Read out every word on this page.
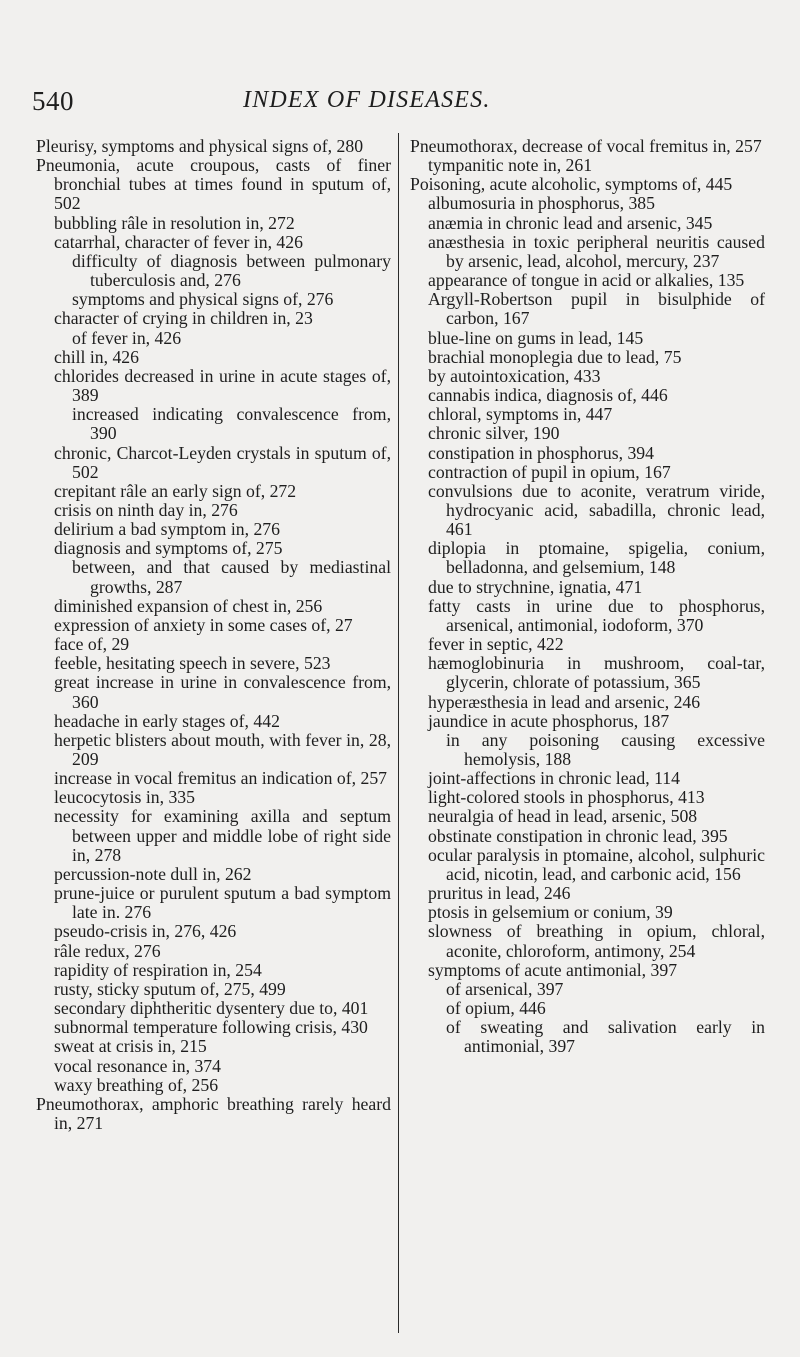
540	INDEX OF DISEASES.

Pleurisy, symptoms and physical signs of, 280

Pneumonia, acute croupous, casts of finer bronchial tubes at times found in sputum of, 502

bubbling râle in resolution in, 272

catarrhal, character of fever in, 426

difficulty of diagnosis between pulmonary tuberculosis and, 276

symptoms and physical signs of, 276

character of crying in children in, 23

of fever in, 426

chill in, 426

chlorides decreased in urine in acute stages of, 389

increased indicating convalescence from, 390

chronic, Charcot-Leyden crystals in sputum of, 502

crepitant râle an early sign of, 272

crisis on ninth day in, 276

delirium a bad symptom in, 276

diagnosis and symptoms of, 275

between, and that caused by mediastinal growths, 287

diminished expansion of chest in, 256

expression of anxiety in some cases of, 27

face of, 29

feeble, hesitating speech in severe, 523

great increase in urine in convalescence from, 360

headache in early stages of, 442

herpetic blisters about mouth, with fever in, 28, 209

increase in vocal fremitus an indication of, 257

leucocytosis in, 335

necessity for examining axilla and septum between upper and middle lobe of right side in, 278

percussion-note dull in, 262

prune-juice or purulent sputum a bad symptom late in. 276

pseudo-crisis in, 276, 426

râle redux, 276

rapidity of respiration in, 254

rusty, sticky sputum of, 275, 499

secondary diphtheritic dysentery due to, 401

subnormal temperature following crisis, 430

sweat at crisis in, 215

vocal resonance in, 374

waxy breathing of, 256

Pneumothorax, amphoric breathing rarely heard in, 271

Pneumothorax, decrease of vocal fremitus in, 257

tympanitic note in, 261

Poisoning, acute alcoholic, symptoms of, 445

albumosuria in phosphorus, 385

anæmia in chronic lead and arsenic, 345

anæsthesia in toxic peripheral neuritis caused by arsenic, lead, alcohol, mercury, 237

appearance of tongue in acid or alkalies, 135

Argyll-Robertson pupil in bisulphide of carbon, 167

blue-line on gums in lead, 145

brachial monoplegia due to lead, 75

by autointoxication, 433

cannabis indica, diagnosis of, 446

chloral, symptoms in, 447

chronic silver, 190

constipation in phosphorus, 394

contraction of pupil in opium, 167

convulsions due to aconite, veratrum viride, hydrocyanic acid, sabadilla, chronic lead, 461

diplopia in ptomaine, spigelia, conium, belladonna, and gelsemium, 148

due to strychnine, ignatia, 471

fatty casts in urine due to phosphorus, arsenical, antimonial, iodoform, 370

fever in septic, 422

hæmoglobinuria in mushroom, coal-tar, glycerin, chlorate of potassium, 365

hyperæsthesia in lead and arsenic, 246

jaundice in acute phosphorus, 187

in any poisoning causing excessive hemolysis, 188

joint-affections in chronic lead, 114

light-colored stools in phosphorus, 413

neuralgia of head in lead, arsenic, 508

obstinate constipation in chronic lead, 395

ocular paralysis in ptomaine, alcohol, sulphuric acid, nicotin, lead, and carbonic acid, 156

pruritus in lead, 246

ptosis in gelsemium or conium, 39

slowness of breathing in opium, chloral, aconite, chloroform, antimony, 254

symptoms of acute antimonial, 397

of arsenical, 397

of opium, 446

of sweating and salivation early in antimonial, 397
